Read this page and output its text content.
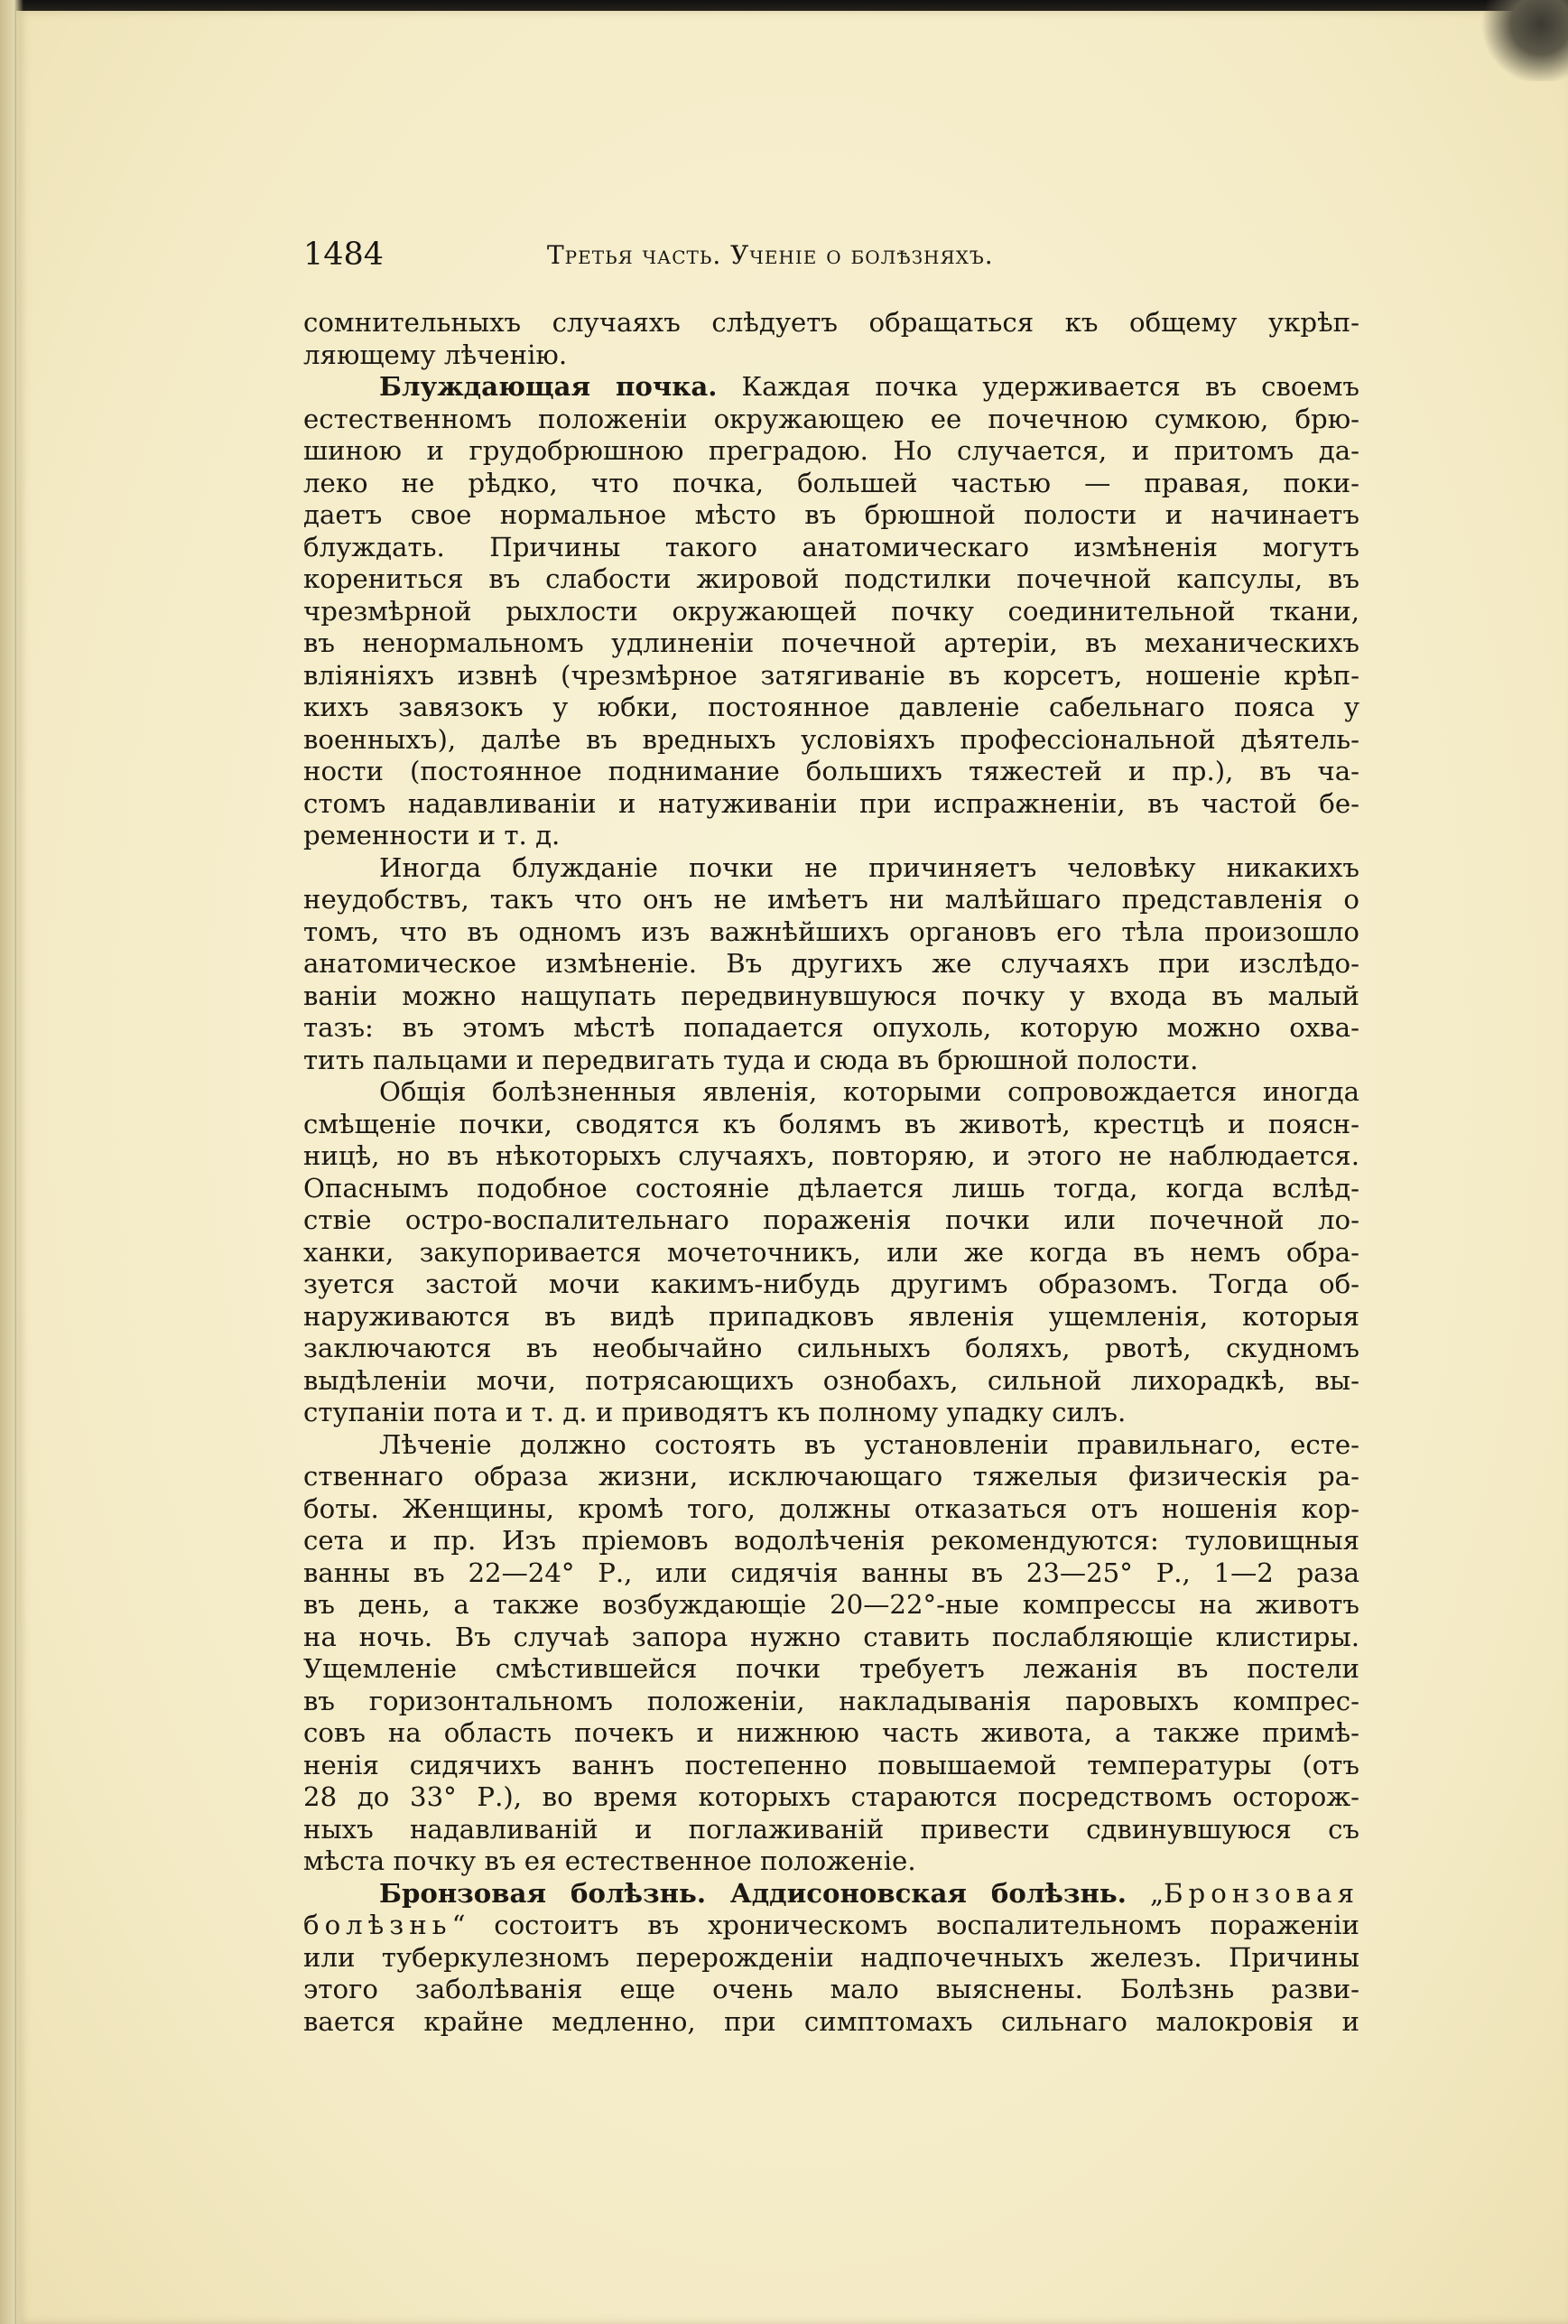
1484	Третья часть. Ученіе о болѣзняхъ.
сомнительныхъ случаяхъ слѣдуетъ обращаться къ общему укрѣп-
ляющему лѣченію.
Блуждающая почка. Каждая почка удерживается въ своемъ
естественномъ положеніи окружающею ее почечною сумкою, брю-
шиною и грудобрюшною преградою. Но случается, и притомъ да-
леко не рѣдко, что почка, большей частью — правая, поки-
даетъ свое нормальное мѣсто въ брюшной полости и начинаетъ
блуждать. Причины такого анатомическаго измѣненія могутъ
корениться въ слабости жировой подстилки почечной капсулы, въ
чрезмѣрной рыхлости окружающей почку соединительной ткани,
въ ненормальномъ удлиненіи почечной артеріи, въ механическихъ
вліяніяхъ извнѣ (чрезмѣрное затягиваніе въ корсетъ, ношеніе крѣп-
кихъ завязокъ у юбки, постоянное давленіе сабельнаго пояса у
военныхъ), далѣе въ вредныхъ условіяхъ профессіональной дѣятель-
ности (постоянное поднимание большихъ тяжестей и пр.), въ ча-
стомъ надавливаніи и натуживаніи при испражненіи, въ частой бе-
ременности и т. д.
Иногда блужданіе почки не причиняетъ человѣку никакихъ
неудобствъ, такъ что онъ не имѣетъ ни малѣйшаго представленія о
томъ, что въ одномъ изъ важнѣйшихъ органовъ его тѣла произошло
анатомическое измѣненіе. Въ другихъ же случаяхъ при изслѣдо-
ваніи можно нащупать передвинувшуюся почку у входа въ малый
тазъ: въ этомъ мѣстѣ попадается опухоль, которую можно охва-
тить пальцами и передвигать туда и сюда въ брюшной полости.
Общія болѣзненныя явленія, которыми сопровождается иногда
смѣщеніе почки, сводятся къ болямъ въ животѣ, крестцѣ и поясн-
ницѣ, но въ нѣкоторыхъ случаяхъ, повторяю, и этого не наблюдается.
Опаснымъ подобное состояніе дѣлается лишь тогда, когда вслѣд-
ствіе остро-воспалительнаго пораженія почки или почечной ло-
ханки, закупоривается мочеточникъ, или же когда въ немъ обра-
зуется застой мочи какимъ-нибудь другимъ образомъ. Тогда об-
наруживаются въ видѣ припадковъ явленія ущемленія, которыя
заключаются въ необычайно сильныхъ боляхъ, рвотѣ, скудномъ
выдѣленіи мочи, потрясающихъ ознобахъ, сильной лихорадкѣ, вы-
ступаніи пота и т. д. и приводятъ къ полному упадку силъ.
Лѣченіе должно состоять въ установленіи правильнаго, есте-
ственнаго образа жизни, исключающаго тяжелыя физическія ра-
боты. Женщины, кромѣ того, должны отказаться отъ ношенія кор-
сета и пр. Изъ пріемовъ водолѣченія рекомендуются: туловищныя
ванны въ 22—24° Р., или сидячія ванны въ 23—25° Р., 1—2 раза
въ день, а также возбуждающіе 20—22°-ные компрессы на животъ
на ночь. Въ случаѣ запора нужно ставить послабляющіе клистиры.
Ущемленіе смѣстившейся почки требуетъ лежанія въ постели
въ горизонтальномъ положеніи, накладыванія паровыхъ компрес-
совъ на область почекъ и нижнюю часть живота, а также примѣ-
ненія сидячихъ ваннъ постепенно повышаемой температуры (отъ
28 до 33° Р.), во время которыхъ стараются посредствомъ осторож-
ныхъ надавливаній и поглаживаній привести сдвинувшуюся съ
мѣста почку въ ея естественное положеніе.
Бронзовая болѣзнь. Аддисоновская болѣзнь. „Бронзовая
болѣзнь“ состоитъ въ хроническомъ воспалительномъ пораженіи
или туберкулезномъ перерожденіи надпочечныхъ железъ. Причины
этого заболѣванія еще очень мало выяснены. Болѣзнь разви-
вается крайне медленно, при симптомахъ сильнаго малокровія и
